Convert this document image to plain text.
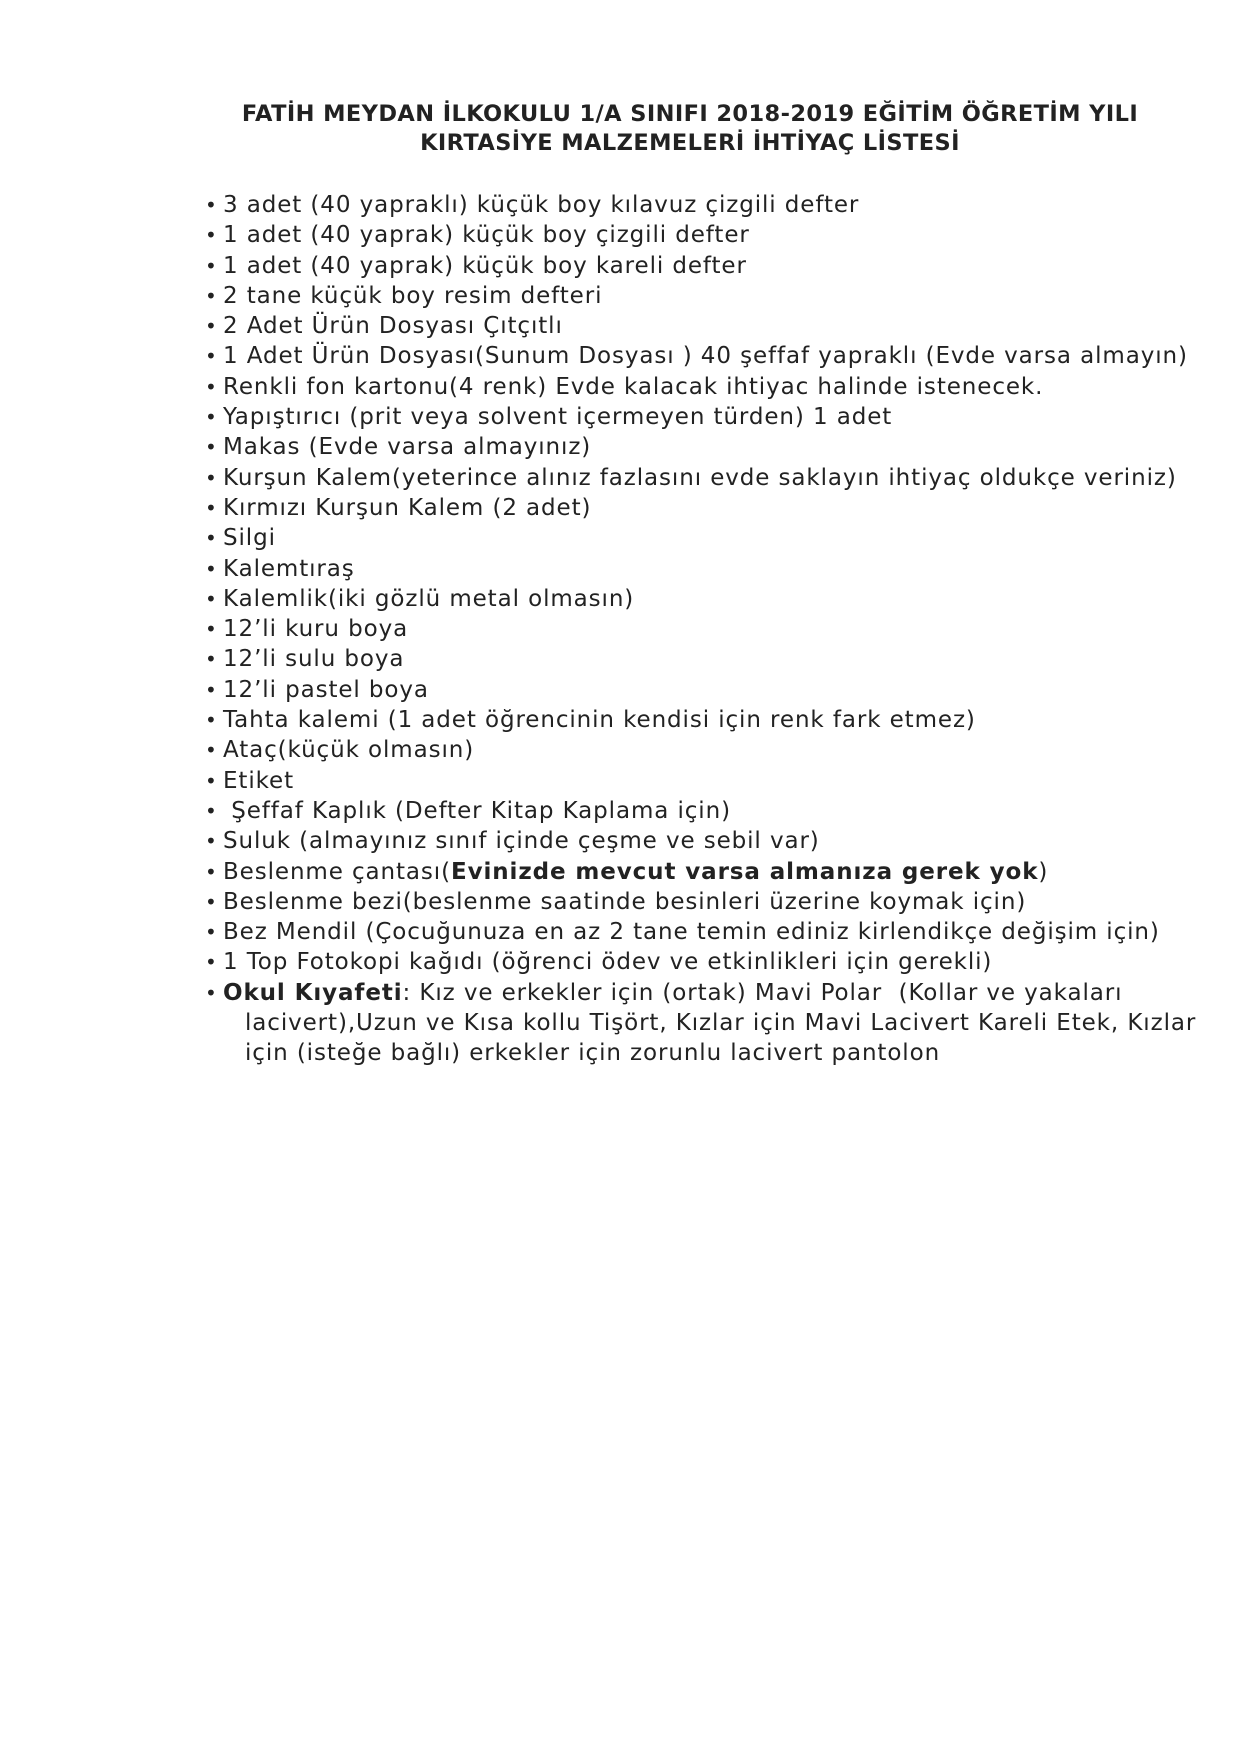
FATİH MEYDAN İLKOKULU 1/A SINIFI 2018-2019 EĞİTİM ÖĞRETİM YILI
KIRTASİYE MALZEMELERİ İHTİYAÇ LİSTESİ
• 3 adet (40 yapraklı) küçük boy kılavuz çizgili defter
• 1 adet (40 yaprak) küçük boy çizgili defter
• 1 adet (40 yaprak) küçük boy kareli defter
• 2 tane küçük boy resim defteri
• 2 Adet Ürün Dosyası Çıtçıtlı
• 1 Adet Ürün Dosyası(Sunum Dosyası ) 40 şeffaf yapraklı (Evde varsa almayın)
• Renkli fon kartonu(4 renk) Evde kalacak ihtiyac halinde istenecek.
• Yapıştırıcı (prit veya solvent içermeyen türden) 1 adet
• Makas (Evde varsa almayınız)
• Kurşun Kalem(yeterince alınız fazlasını evde saklayın ihtiyaç oldukçe veriniz)
• Kırmızı Kurşun Kalem (2 adet)
• Silgi
• Kalemtıraş
• Kalemlik(iki gözlü metal olmasın)
• 12’li kuru boya
• 12’li sulu boya
• 12’li pastel boya
• Tahta kalemi (1 adet öğrencinin kendisi için renk fark etmez)
• Ataç(küçük olmasın)
• Etiket
• Şeffaf Kaplık (Defter Kitap Kaplama için)
• Suluk (almayınız sınıf içinde çeşme ve sebil var)
• Beslenme çantası(Evinizde mevcut varsa almanıza gerek yok)
• Beslenme bezi(beslenme saatinde besinleri üzerine koymak için)
• Bez Mendil (Çocuğunuza en az 2 tane temin ediniz kirlendikçe değişim için)
• 1 Top Fotokopi kağıdı (öğrenci ödev ve etkinlikleri için gerekli)
• Okul Kıyafeti: Kız ve erkekler için (ortak) Mavi Polar  (Kollar ve yakaları
lacivert),Uzun ve Kısa kollu Tişört, Kızlar için Mavi Lacivert Kareli Etek, Kızlar
için (isteğe bağlı) erkekler için zorunlu lacivert pantolon
